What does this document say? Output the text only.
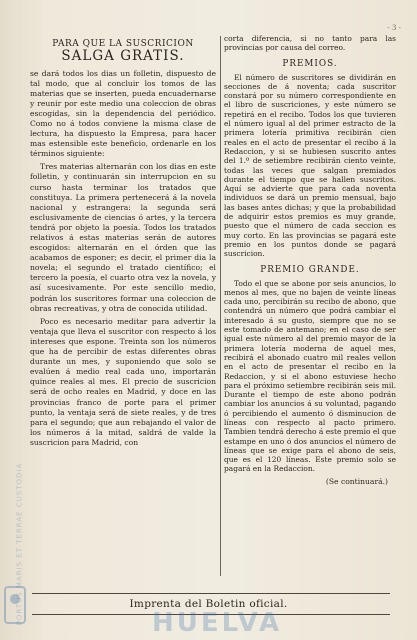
- 3 -

PARA QUE LA SUSCRICION

SALGA GRATIS.

se dará todos los dias un folletin, dispuesto de tal modo, que al concluir los tomos de las materias que se inserten, pueda encuadernarse y reunir por este medio una coleccion de obras escogidas, sin la dependencia del periódico. Como no á todos conviene la misma clase de lectura, ha dispuesto la Empresa, para hacer mas estensible este beneficio, ordenarle en los términos siguiente:

Tres materias alternarán con los dias en este folletin, y continuarán sin interrupcion en su curso hasta terminar los tratados que constituya. La primera pertenecerá á la novela nacional y estrangera: la segunda será esclusivamente de ciencias ó artes, y la tercera tendrá por objeto la poesía. Todos los tratados relativos á estas materias serán de autores escogidos: alternarán en el órden que las acabamos de esponer; es decir, el primer dia la novela; el segundo el tratado científico; el tercero la poesía, el cuarto otra vez la novela, y así sucesivamente. Por este sencillo medio, podrán los suscritores formar una coleccion de obras recreativas, y otra de conocida utilidad.

Poco es necesario meditar para advertir la ventaja que lleva el suscritor con respecto á los intereses que espone. Treinta son los números que ha de percibir de estas diferentes obras durante un mes, y suponiendo que solo se evalúen á medio real cada uno, importarán quince reales al mes. El precio de suscricion será de ocho reales en Madrid, y doce en las provincias franco de porte para el primer punto, la ventaja será de siete reales, y de tres para el segundo; que aun rebajando el valor de los números á la mitad, saldrá de valde la suscricion para Madrid, con

corta diferencia, si no tanto para las provincias por causa del correo.

PREMIOS.

El número de suscritores se dividirán en secciones de á noventa; cada suscritor constará por su número correspondiente en el libro de suscriciones, y este número se repetirá en el recibo. Todos los que tuvieren el número igual al del primer estracto de la primera lotería primitiva recibirán cien reales en el acto de presentar el recibo á la Redaccion, y si se hubiesen suscrito antes del 1.º de setiembre recibirán ciento veinte, todas las veces que salgan premiados durante el tiempo que se hallen suscritos. Aquí se advierte que para cada noventa individuos se dará un premio mensual, bajo las bases antes dichas; y que la probabilidad de adquirir estos premios es muy grande, puesto que el número de cada seccion es muy corto. En las provincias se pagará este premio en los puntos donde se pagará suscricion.

PREMIO GRANDE.

Todo el que se abone por seis anuncios, lo menos al mes, que no bajen de veinte líneas cada uno, percibirán su recibo de abono, que contendrá un número que podrá cambiar el interesado á su gusto, siempre que no se este tomado de antemano; en el caso de ser igual este número al del premio mayor de la primera lotería moderna de aquel mes, recibirá el abonado cuatro mil reales vellon en el acto de presentar el recibo en la Redaccion, y si el abono estuviese hecho para el próximo setiembre recibirán seis mil. Durante el tiempo de este abono podrán cambiar los anuncios á su voluntad, pagando ó percibiendo el aumento ó disminucion de líneas con respecto al pacto primero. Tambien tendrá derecho á este premio el que estampe en uno ó dos anuncios el número de líneas que se exige para el abono de seis, que es el 120 líneas. Este premio solo se pagará en la Redaccion.

(Se continuará.)

Imprenta del Boletin oficial.
HUELVA
PORTUS MARIS ET TERRAE CUSTODIA
